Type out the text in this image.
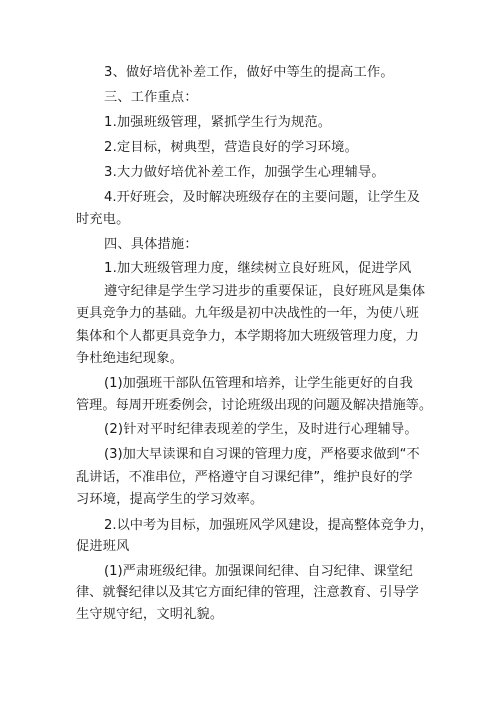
3、做好培优补差工作，做好中等生的提高工作。
三、工作重点：
1.加强班级管理，紧抓学生行为规范。
2.定目标，树典型，营造良好的学习环境。
3.大力做好培优补差工作，加强学生心理辅导。
4.开好班会，及时解决班级存在的主要问题，让学生及
时充电。
四、具体措施：
1.加大班级管理力度，继续树立良好班风，促进学风
遵守纪律是学生学习进步的重要保证，良好班风是集体
更具竞争力的基础。九年级是初中决战性的一年，为使八班
集体和个人都更具竞争力，本学期将加大班级管理力度，力
争杜绝违纪现象。
(1)加强班干部队伍管理和培养，让学生能更好的自我
管理。每周开班委例会，讨论班级出现的问题及解决措施等。
(2)针对平时纪律表现差的学生，及时进行心理辅导。
(3)加大早读课和自习课的管理力度，严格要求做到“不
乱讲话，不准串位，严格遵守自习课纪律”，维护良好的学
习环境，提高学生的学习效率。
2.以中考为目标，加强班风学风建设，提高整体竞争力，
促进班风
(1)严肃班级纪律。加强课间纪律、自习纪律、课堂纪
律、就餐纪律以及其它方面纪律的管理，注意教育、引导学
生守规守纪，文明礼貌。
